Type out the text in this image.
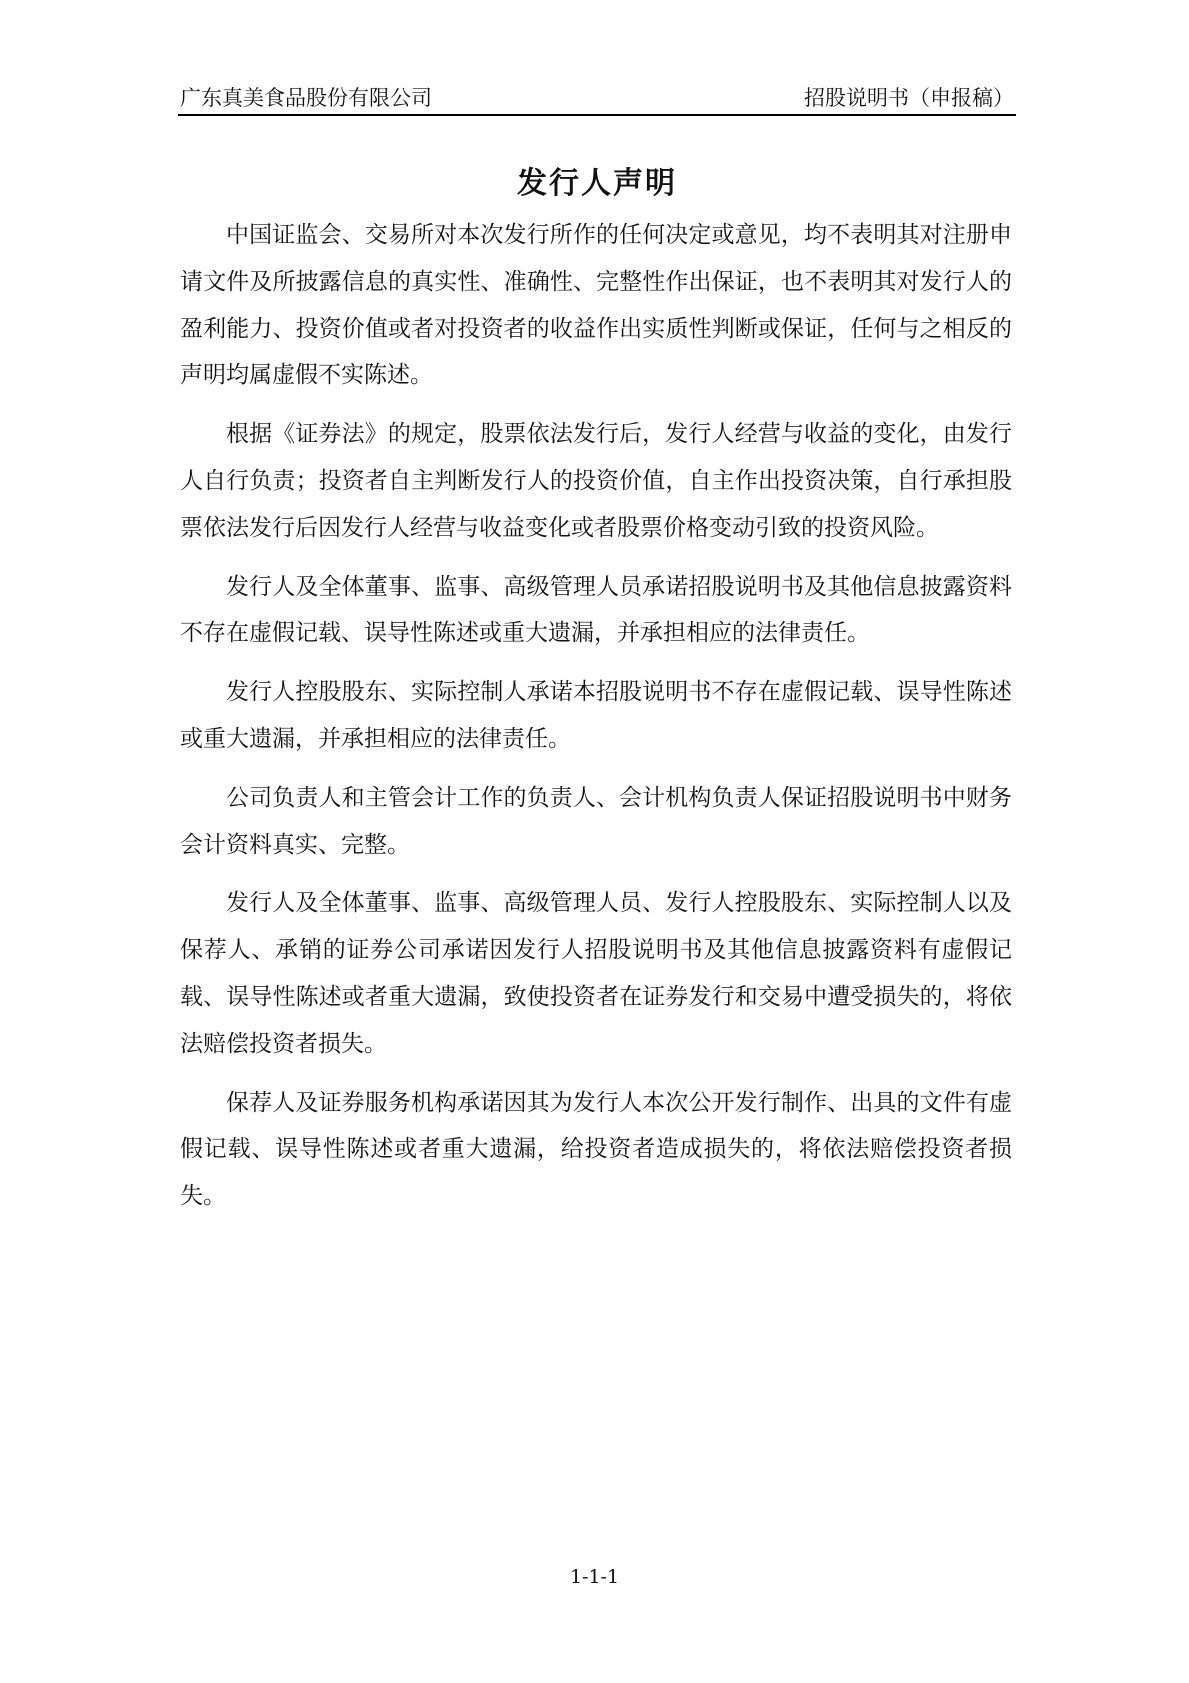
广东真美食品股份有限公司	招股说明书（申报稿）
发行人声明

中国证监会、交易所对本次发行所作的任何决定或意见，均不表明其对注册申请文件及所披露信息的真实性、准确性、完整性作出保证，也不表明其对发行人的盈利能力、投资价值或者对投资者的收益作出实质性判断或保证，任何与之相反的声明均属虚假不实陈述。

根据《证券法》的规定，股票依法发行后，发行人经营与收益的变化，由发行人自行负责；投资者自主判断发行人的投资价值，自主作出投资决策，自行承担股票依法发行后因发行人经营与收益变化或者股票价格变动引致的投资风险。

发行人及全体董事、监事、高级管理人员承诺招股说明书及其他信息披露资料不存在虚假记载、误导性陈述或重大遗漏，并承担相应的法律责任。

发行人控股股东、实际控制人承诺本招股说明书不存在虚假记载、误导性陈述或重大遗漏，并承担相应的法律责任。

公司负责人和主管会计工作的负责人、会计机构负责人保证招股说明书中财务会计资料真实、完整。

发行人及全体董事、监事、高级管理人员、发行人控股股东、实际控制人以及保荐人、承销的证券公司承诺因发行人招股说明书及其他信息披露资料有虚假记载、误导性陈述或者重大遗漏，致使投资者在证券发行和交易中遭受损失的，将依法赔偿投资者损失。

保荐人及证券服务机构承诺因其为发行人本次公开发行制作、出具的文件有虚假记载、误导性陈述或者重大遗漏，给投资者造成损失的，将依法赔偿投资者损失。

1-1-1
